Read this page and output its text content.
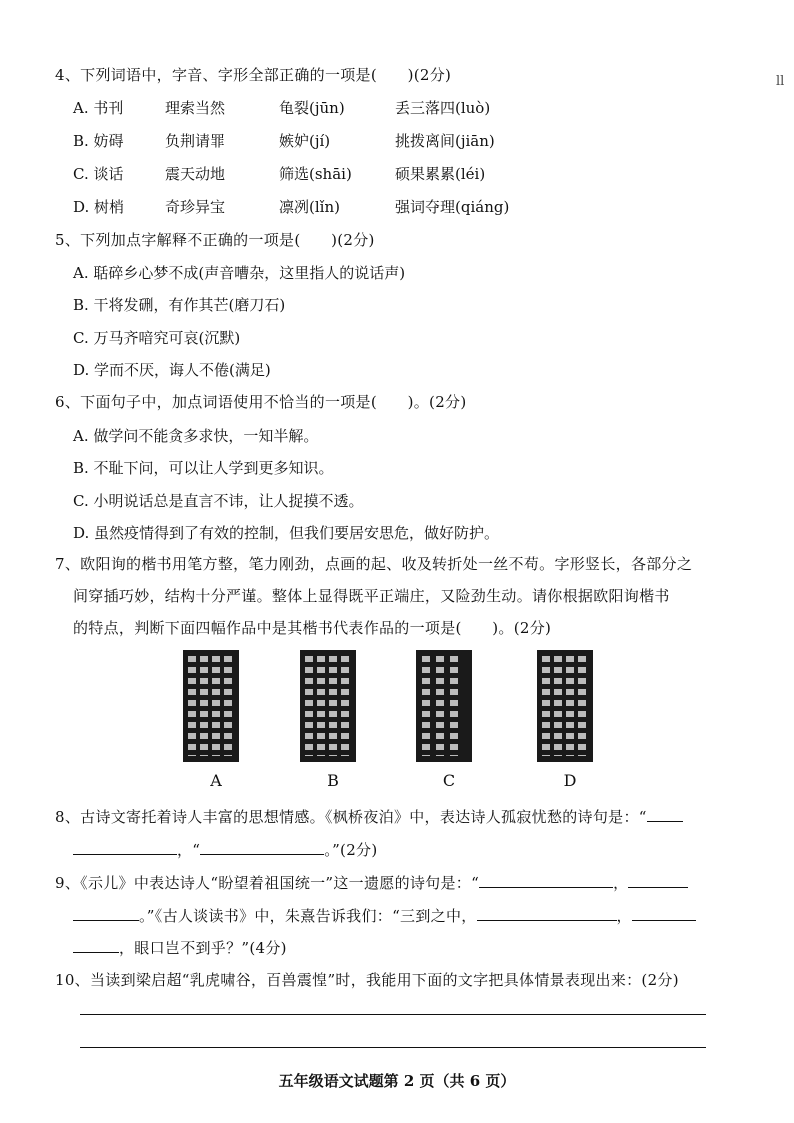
ll
4、下列词语中，字音、字形全部正确的一项是(　　)(2分)
A. 书刊	理索当然	龟裂(jūn)	丢三落四(luò)
B. 妨碍	负荆请罪	嫉妒(jí)	挑拨离间(jiān)
C. 谈话	震天动地	筛选(shāi)	硕果累累(léi)
D. 树梢	奇珍异宝	凛冽(lǐn)	强词夺理(qiáng)
5、下列加点字解释不正确的一项是(　　)(2分)
A. 聒碎乡心梦不成(声音嘈杂，这里指人的说话声)
B. 干将发硎，有作其芒(磨刀石)
C. 万马齐喑究可哀(沉默)
D. 学而不厌，诲人不倦(满足)
6、下面句子中，加点词语使用不恰当的一项是(　　)。(2分)
A. 做学问不能贪多求快，一知半解。
B. 不耻下问，可以让人学到更多知识。
C. 小明说话总是直言不讳，让人捉摸不透。
D. 虽然疫情得到了有效的控制，但我们要居安思危，做好防护。
7、欧阳询的楷书用笔方整，笔力刚劲，点画的起、收及转折处一丝不苟。字形竖长，各部分之
间穿插巧妙，结构十分严谨。整体上显得既平正端庄，又险劲生动。请你根据欧阳询楷书
的特点，判断下面四幅作品中是其楷书代表作品的一项是(　　)。(2分)
A	B	C	D
8、古诗文寄托着诗人丰富的思想情感。《枫桥夜泊》中，表达诗人孤寂忧愁的诗句是：“
，“	。”(2分)
9、《示儿》中表达诗人“盼望着祖国统一”这一遗愿的诗句是：“	，
。”《古人谈读书》中，朱熹告诉我们：“三到之中，	，
，眼口岂不到乎？”(4分)
10、当读到梁启超“乳虎啸谷，百兽震惶”时，我能用下面的文字把具体情景表现出来：(2分)
五年级语文试题第 2 页（共 6 页）
